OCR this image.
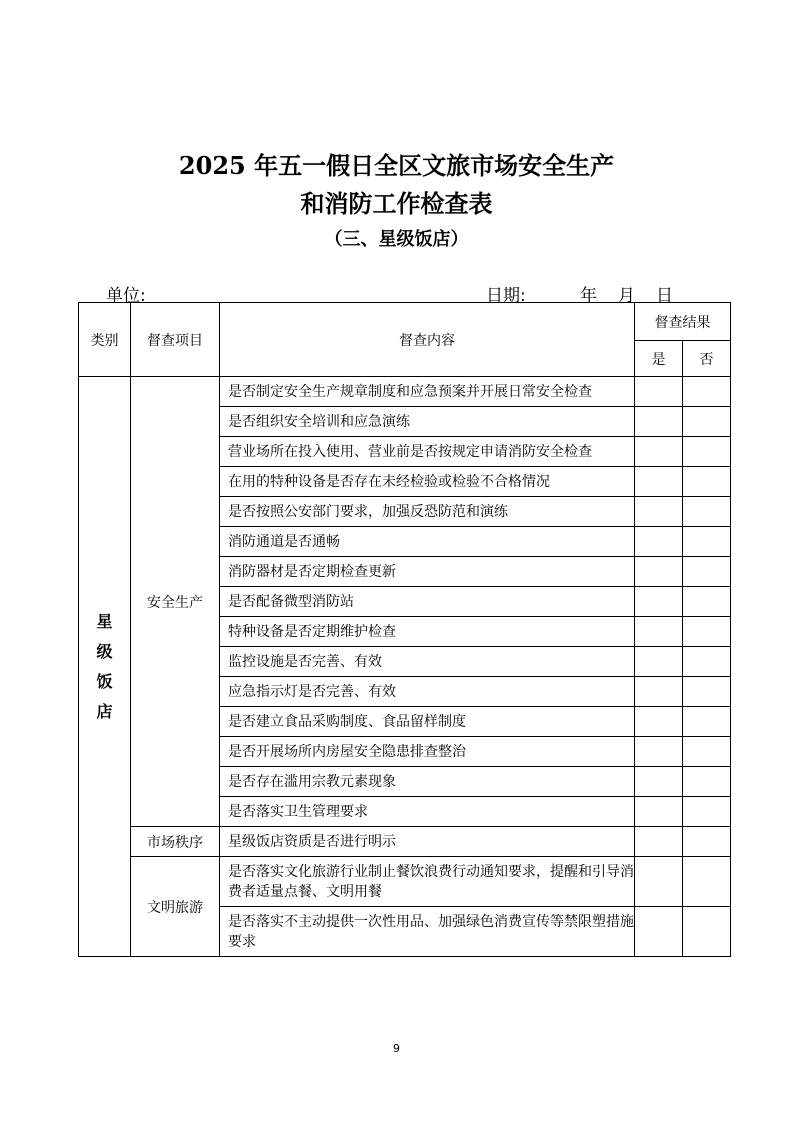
2025 年五一假日全区文旅市场安全生产
和消防工作检查表
（三、星级饭店）
单位:	日期:	年 月 日
类别	督查项目	督查内容	督查结果	
			是	否

星
级
饭
店	安全生产	是否制定安全生产规章制度和应急预案并开展日常安全检查		
		是否组织安全培训和应急演练		
		营业场所在投入使用、营业前是否按规定申请消防安全检查		
		在用的特种设备是否存在未经检验或检验不合格情况		
		是否按照公安部门要求，加强反恐防范和演练		
		消防通道是否通畅		
		消防器材是否定期检查更新		
		是否配备微型消防站		
		特种设备是否定期维护检查		
		监控设施是否完善、有效		
		应急指示灯是否完善、有效		
		是否建立食品采购制度、食品留样制度		
		是否开展场所内房屋安全隐患排查整治		
		是否存在滥用宗教元素现象		
		是否落实卫生管理要求		
	市场秩序	星级饭店资质是否进行明示		
	文明旅游	是否落实文化旅游行业制止餐饮浪费行动通知要求，提醒和引导消费者适量点餐、文明用餐		
		是否落实不主动提供一次性用品、加强绿色消费宣传等禁限塑措施要求		
9
